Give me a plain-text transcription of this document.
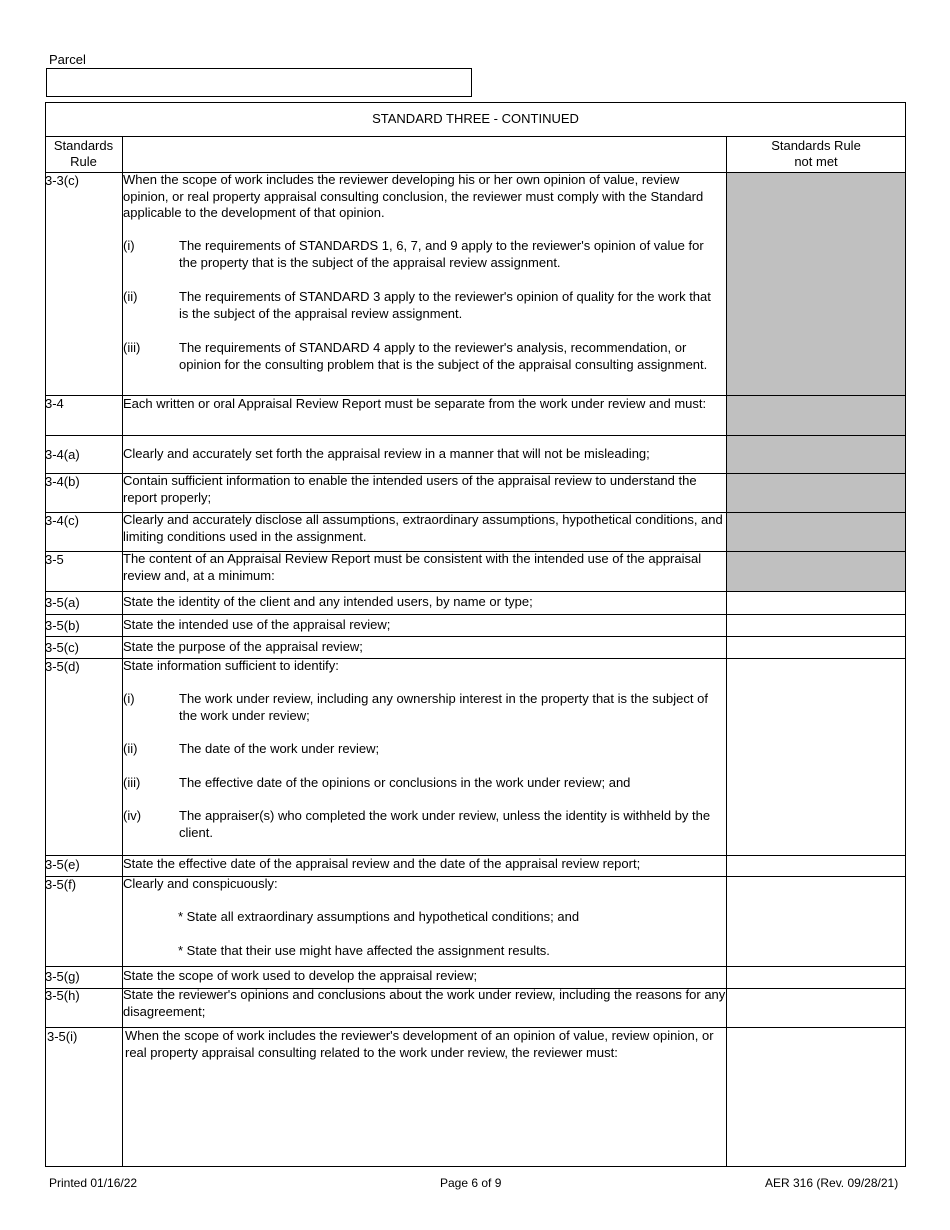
Parcel
STANDARD THREE - CONTINUED
Standards
Rule
Standards Rule
not met
3-3(c)	When the scope of work includes the reviewer developing his or her own opinion of value, review opinion, or real property appraisal consulting conclusion, the reviewer must comply with the Standard applicable to the development of that opinion.
(i)	The requirements of STANDARDS 1, 6, 7, and 9 apply to the reviewer's opinion of value for the property that is the subject of the appraisal review assignment.
(ii)	The requirements of STANDARD 3 apply to the reviewer's opinion of quality for the work that is the subject of the appraisal review assignment.
(iii)	The requirements of STANDARD 4 apply to the reviewer's analysis, recommendation, or opinion for the consulting problem that is the subject of the appraisal consulting assignment.
3-4	Each written or oral Appraisal Review Report must be separate from the work under review and must:
3-4(a)	Clearly and accurately set forth the appraisal review in a manner that will not be misleading;
3-4(b)	Contain sufficient information to enable the intended users of the appraisal review to understand the report properly;
3-4(c)	Clearly and accurately disclose all assumptions, extraordinary assumptions, hypothetical conditions, and limiting conditions used in the assignment.
3-5	The content of an Appraisal Review Report must be consistent with the intended use of the appraisal review and, at a minimum:
3-5(a)	State the identity of the client and any intended users, by name or type;
3-5(b)	State the intended use of the appraisal review;
3-5(c)	State the purpose of the appraisal review;
3-5(d)	State information sufficient to identify:
(i)	The work under review, including any ownership interest in the property that is the subject of the work under review;
(ii)	The date of the work under review;
(iii)	The effective date of the opinions or conclusions in the work under review; and
(iv)	The appraiser(s) who completed the work under review, unless the identity is withheld by the client.
3-5(e)	State the effective date of the appraisal review and the date of the appraisal review report;
3-5(f)	Clearly and conspicuously:
* State all extraordinary assumptions and hypothetical conditions; and
* State that their use might have affected the assignment results.
3-5(g)	State the scope of work used to develop the appraisal review;
3-5(h)	State the reviewer's opinions and conclusions about the work under review, including the reasons for any disagreement;
3-5(i)	When the scope of work includes the reviewer's development of an opinion of value, review opinion, or real property appraisal consulting related to the work under review, the reviewer must:
Printed 01/16/22	Page 6 of 9	AER 316 (Rev. 09/28/21)
